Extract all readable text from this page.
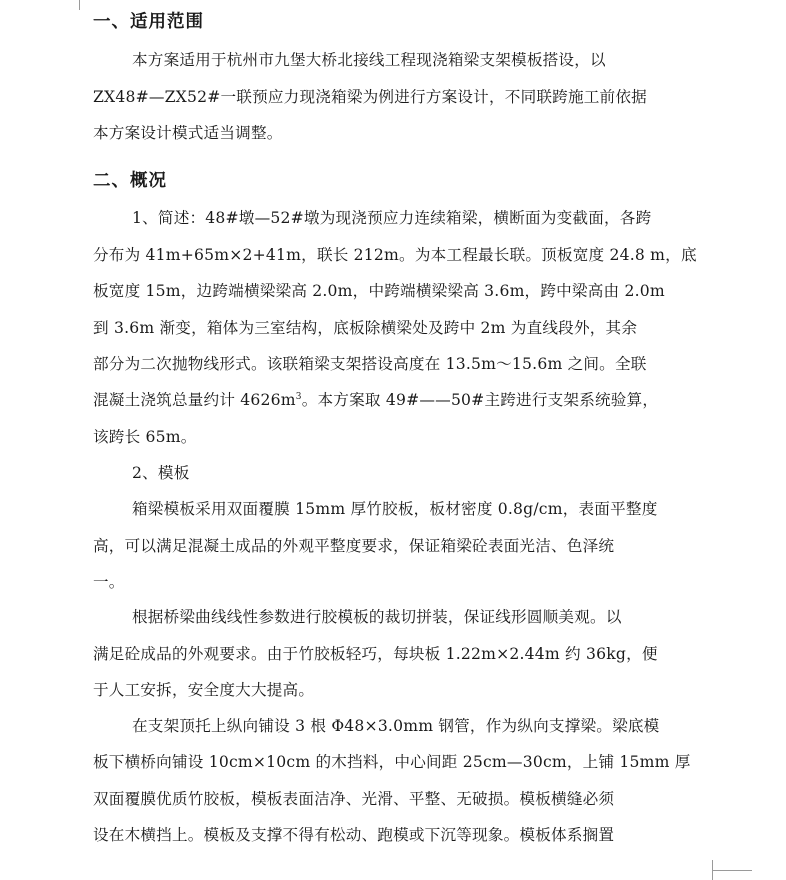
一、适用范围
本方案适用于杭州市九堡大桥北接线工程现浇箱梁支架模板搭设，以
ZX48#—ZX52#一联预应力现浇箱梁为例进行方案设计，不同联跨施工前依据
本方案设计模式适当调整。
二、概况
1、简述：48#墩—52#墩为现浇预应力连续箱梁，横断面为变截面，各跨
分布为 41m+65m×2+41m，联长 212m。为本工程最长联。顶板宽度 24.8 m，底
板宽度 15m，边跨端横梁梁高 2.0m，中跨端横梁梁高 3.6m，跨中梁高由 2.0m
到 3.6m 渐变，箱体为三室结构，底板除横梁处及跨中 2m 为直线段外，其余
部分为二次抛物线形式。该联箱梁支架搭设高度在 13.5m～15.6m 之间。全联
混凝土浇筑总量约计 $4626m^3$。本方案取 49#——50#主跨进行支架系统验算，
该跨长 65m。
2、模板
箱梁模板采用双面覆膜 15mm 厚竹胶板，板材密度 0.8g/cm，表面平整度
高，可以满足混凝土成品的外观平整度要求，保证箱梁砼表面光洁、色泽统
一。
根据桥梁曲线线性参数进行胶模板的裁切拼装，保证线形圆顺美观。以
满足砼成品的外观要求。由于竹胶板轻巧，每块板 1.22m×2.44m 约 36kg，便
于人工安拆，安全度大大提高。
在支架顶托上纵向铺设 3 根 Φ48×3.0mm 钢管，作为纵向支撑梁。梁底模
板下横桥向铺设 10cm×10cm 的木挡料，中心间距 25cm—30cm，上铺 15mm 厚
双面覆膜优质竹胶板，模板表面洁净、光滑、平整、无破损。模板横缝必须
设在木横挡上。模板及支撑不得有松动、跑模或下沉等现象。模板体系搁置
